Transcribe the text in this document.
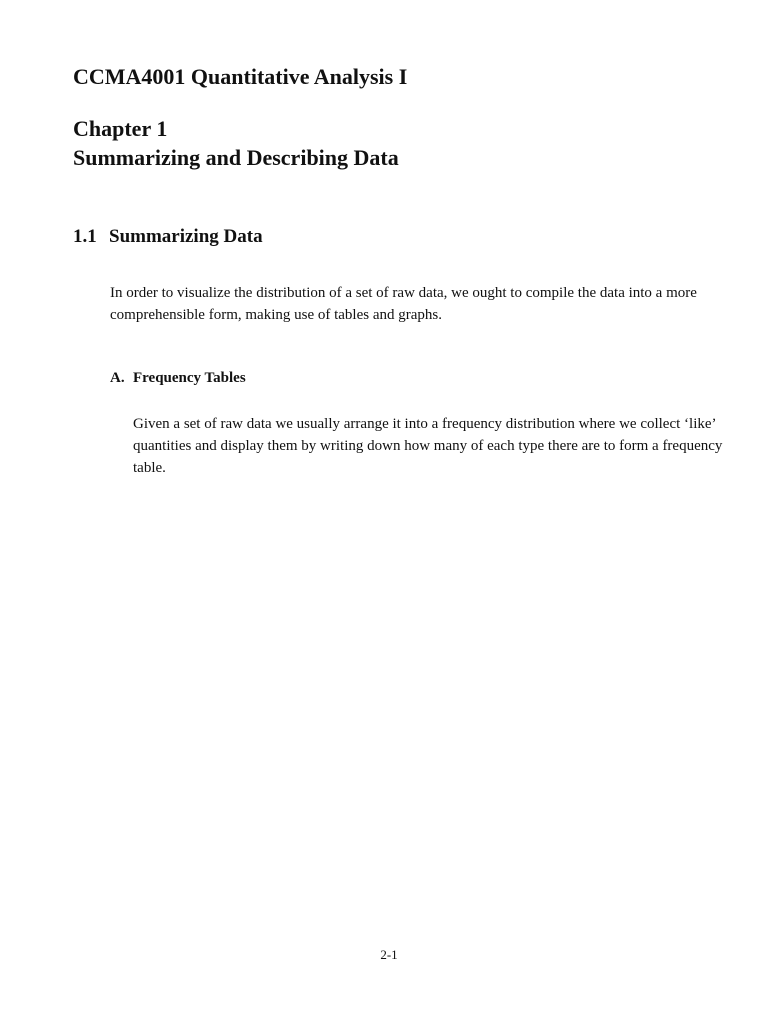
CCMA4001 Quantitative Analysis I
Chapter 1
Summarizing and Describing Data
1.1 Summarizing Data

In order to visualize the distribution of a set of raw data, we ought to compile the data into a more comprehensible form, making use of tables and graphs.

A. Frequency Tables

Given a set of raw data we usually arrange it into a frequency distribution where we collect ‘like’ quantities and display them by writing down how many of each type there are to form a frequency table.

2-1
